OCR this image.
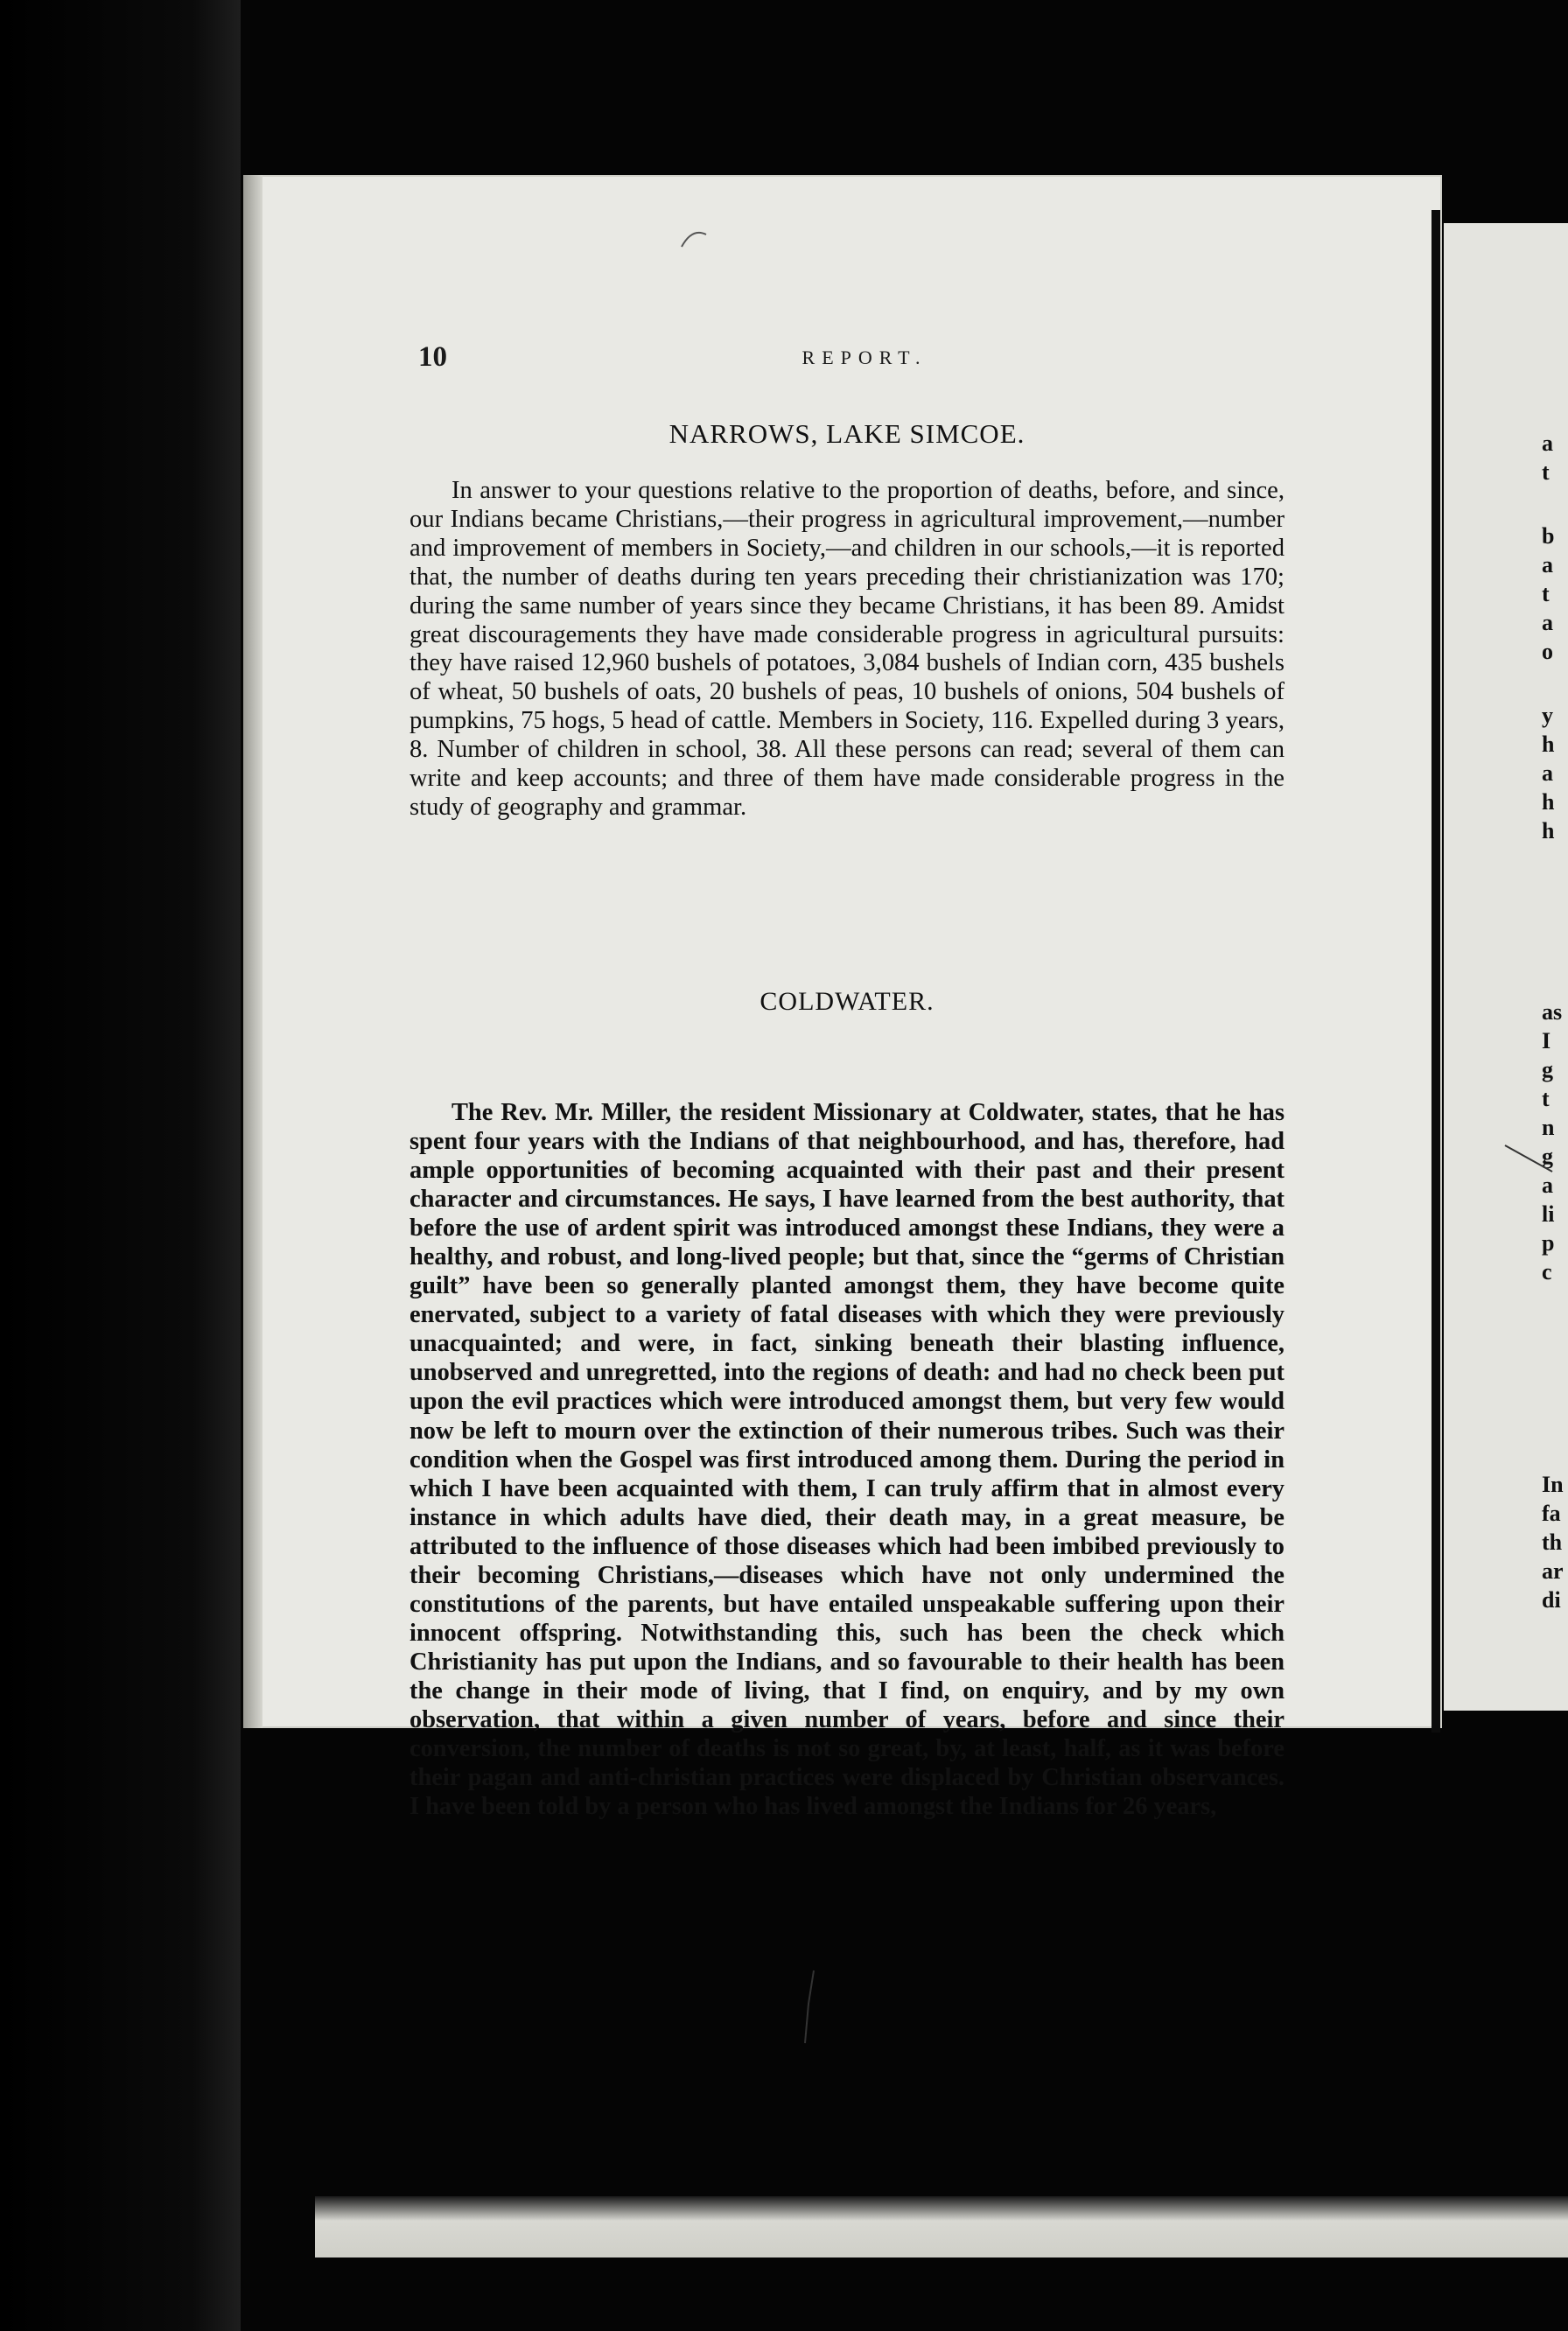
10	REPORT.
NARROWS, LAKE SIMCOE.

In answer to your questions relative to the proportion of deaths, before, and since, our Indians became Christians,—their progress in agricultural improvement,—number and improvement of members in Society,—and children in our schools,—it is reported that, the number of deaths during ten years preceding their christianization was 170; during the same number of years since they became Christians, it has been 89. Amidst great discouragements they have made considerable progress in agricultural pursuits: they have raised 12,960 bushels of potatoes, 3,084 bushels of Indian corn, 435 bushels of wheat, 50 bushels of oats, 20 bushels of peas, 10 bushels of onions, 504 bushels of pumpkins, 75 hogs, 5 head of cattle. Members in Society, 116. Expelled during 3 years, 8. Number of children in school, 38. All these persons can read; several of them can write and keep accounts; and three of them have made considerable progress in the study of geography and grammar.

COLDWATER.

The Rev. Mr. Miller, the resident Missionary at Coldwater, states, that he has spent four years with the Indians of that neighbourhood, and has, therefore, had ample opportunities of becoming acquainted with their past and their present character and circumstances. He says, I have learned from the best authority, that before the use of ardent spirit was introduced amongst these Indians, they were a healthy, and robust, and long-lived people; but that, since the “germs of Christian guilt” have been so generally planted amongst them, they have become quite enervated, subject to a variety of fatal diseases with which they were previously unacquainted; and were, in fact, sinking beneath their blasting influence, unobserved and unregretted, into the regions of death: and had no check been put upon the evil practices which were introduced amongst them, but very few would now be left to mourn over the extinction of their numerous tribes. Such was their condition when the Gospel was first introduced among them. During the period in which I have been acquainted with them, I can truly affirm that in almost every instance in which adults have died, their death may, in a great measure, be attributed to the influence of those diseases which had been imbibed previously to their becoming Christians,—diseases which have not only undermined the constitutions of the parents, but have entailed unspeakable suffering upon their innocent offspring. Notwithstanding this, such has been the check which Christianity has put upon the Indians, and so favourable to their health has been the change in their mode of living, that I find, on enquiry, and by my own observation, that within a given number of years, before and since their conversion, the number of deaths is not so great, by, at least, half, as it was before their pagan and anti-christian practices were displaced by Christian observances. I have been told by a person who has lived amongst the Indians for 26 years,

a
t
b
a
t
a
o
y
h
a
h
h
as
I
g
t
n
g
a
li
p
c
In
fa
th
ar
di
